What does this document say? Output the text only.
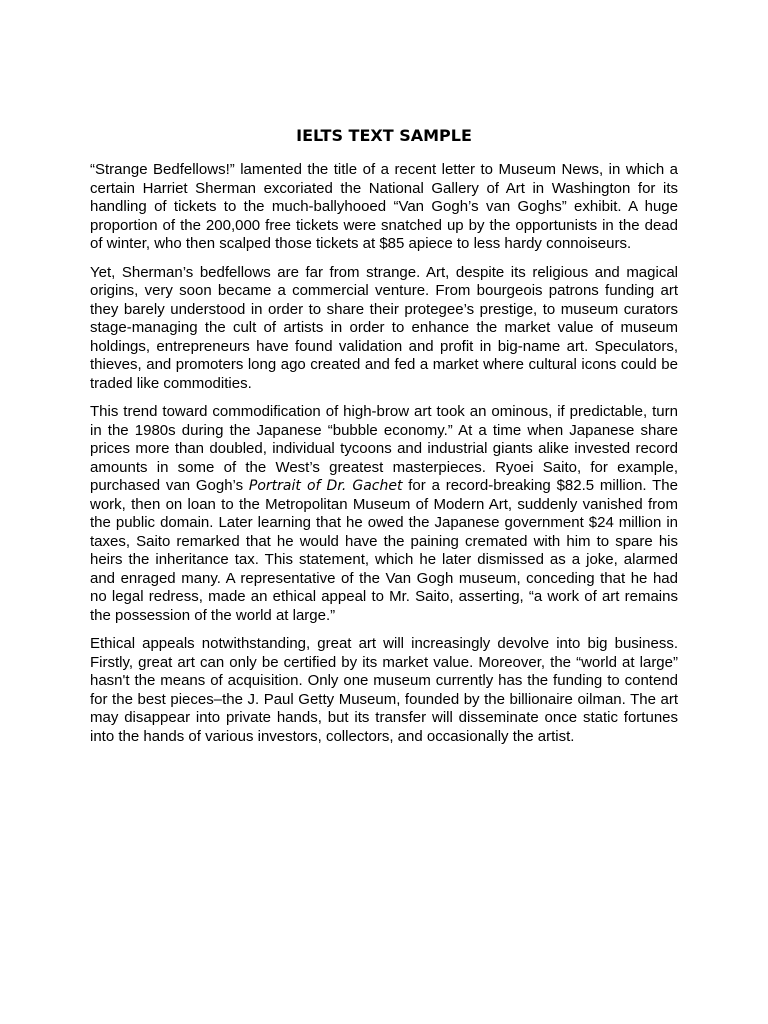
IELTS TEXT SAMPLE

“Strange Bedfellows!” lamented the title of a recent letter to Museum News, in which a certain Harriet Sherman excoriated the National Gallery of Art in Washington for its handling of tickets to the much-ballyhooed “Van Gogh’s van Goghs” exhibit. A huge proportion of the 200,000 free tickets were snatched up by the opportunists in the dead of winter, who then scalped those tickets at $85 apiece to less hardy connoiseurs.

Yet, Sherman’s bedfellows are far from strange. Art, despite its religious and magical origins, very soon became a commercial venture. From bourgeois patrons funding art they barely understood in order to share their protegee’s prestige, to museum curators stage-managing the cult of artists in order to enhance the market value of museum holdings, entrepreneurs have found validation and profit in big-name art. Speculators, thieves, and promoters long ago created and fed a market where cultural icons could be traded like commodities.

This trend toward commodification of high-brow art took an ominous, if predictable, turn in the 1980s during the Japanese “bubble economy.” At a time when Japanese share prices more than doubled, individual tycoons and industrial giants alike invested record amounts in some of the West’s greatest masterpieces. Ryoei Saito, for example, purchased van Gogh’s Portrait of Dr. Gachet for a record-breaking $82.5 million. The work, then on loan to the Metropolitan Museum of Modern Art, suddenly vanished from the public domain. Later learning that he owed the Japanese government $24 million in taxes, Saito remarked that he would have the paining cremated with him to spare his heirs the inheritance tax. This statement, which he later dismissed as a joke, alarmed and enraged many. A representative of the Van Gogh museum, conceding that he had no legal redress, made an ethical appeal to Mr. Saito, asserting, “a work of art remains the possession of the world at large.”

Ethical appeals notwithstanding, great art will increasingly devolve into big business. Firstly, great art can only be certified by its market value. Moreover, the “world at large” hasn't the means of acquisition. Only one museum currently has the funding to contend for the best pieces–the J. Paul Getty Museum, founded by the billionaire oilman. The art may disappear into private hands, but its transfer will disseminate once static fortunes into the hands of various investors, collectors, and occasionally the artist.
